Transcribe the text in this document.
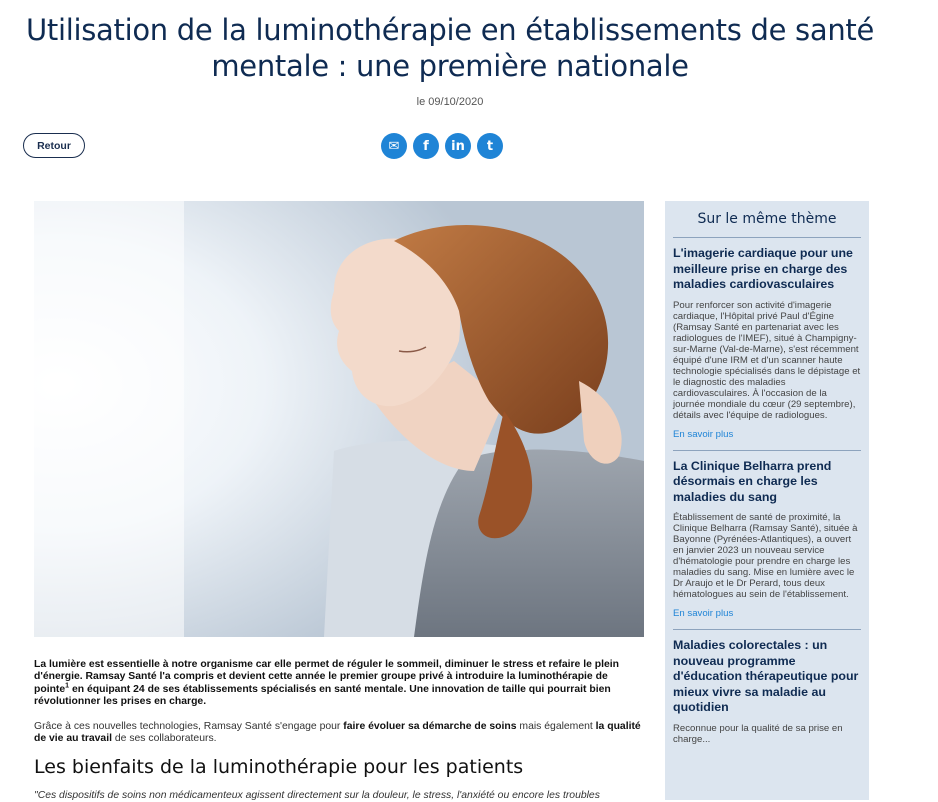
Utilisation de la luminothérapie en établissements de santé mentale : une première nationale
le 09/10/2020
Retour	✉ f in t

La lumière est essentielle à notre organisme car elle permet de réguler le sommeil, diminuer le stress et refaire le plein d'énergie. Ramsay Santé l'a compris et devient cette année le premier groupe privé à introduire la luminothérapie de pointe$^1$ en équipant 24 de ses établissements spécialisés en santé mentale. Une innovation de taille qui pourrait bien révolutionner les prises en charge.

Grâce à ces nouvelles technologies, Ramsay Santé s'engage pour faire évoluer sa démarche de soins mais également la qualité de vie au travail de ses collaborateurs.

Les bienfaits de la luminothérapie pour les patients

"Ces dispositifs de soins non médicamenteux agissent directement sur la douleur, le stress, l'anxiété ou encore les troubles

Sur le même thème
L'imagerie cardiaque pour une meilleure prise en charge des maladies cardiovasculaires
Pour renforcer son activité d'imagerie cardiaque, l'Hôpital privé Paul d'Égine (Ramsay Santé en partenariat avec les radiologues de l'IMEF), situé à Champigny-sur-Marne (Val-de-Marne), s'est récemment équipé d'une IRM et d'un scanner haute technologie spécialisés dans le dépistage et le diagnostic des maladies cardiovasculaires. À l'occasion de la journée mondiale du cœur (29 septembre), détails avec l'équipe de radiologues.
En savoir plus
La Clinique Belharra prend désormais en charge les maladies du sang
Établissement de santé de proximité, la Clinique Belharra (Ramsay Santé), située à Bayonne (Pyrénées-Atlantiques), a ouvert en janvier 2023 un nouveau service d'hématologie pour prendre en charge les maladies du sang. Mise en lumière avec le Dr Araujo et le Dr Perard, tous deux hématologues au sein de l'établissement.
En savoir plus
Maladies colorectales : un nouveau programme d'éducation thérapeutique pour mieux vivre sa maladie au quotidien
Reconnue pour la qualité de sa prise en charge...
